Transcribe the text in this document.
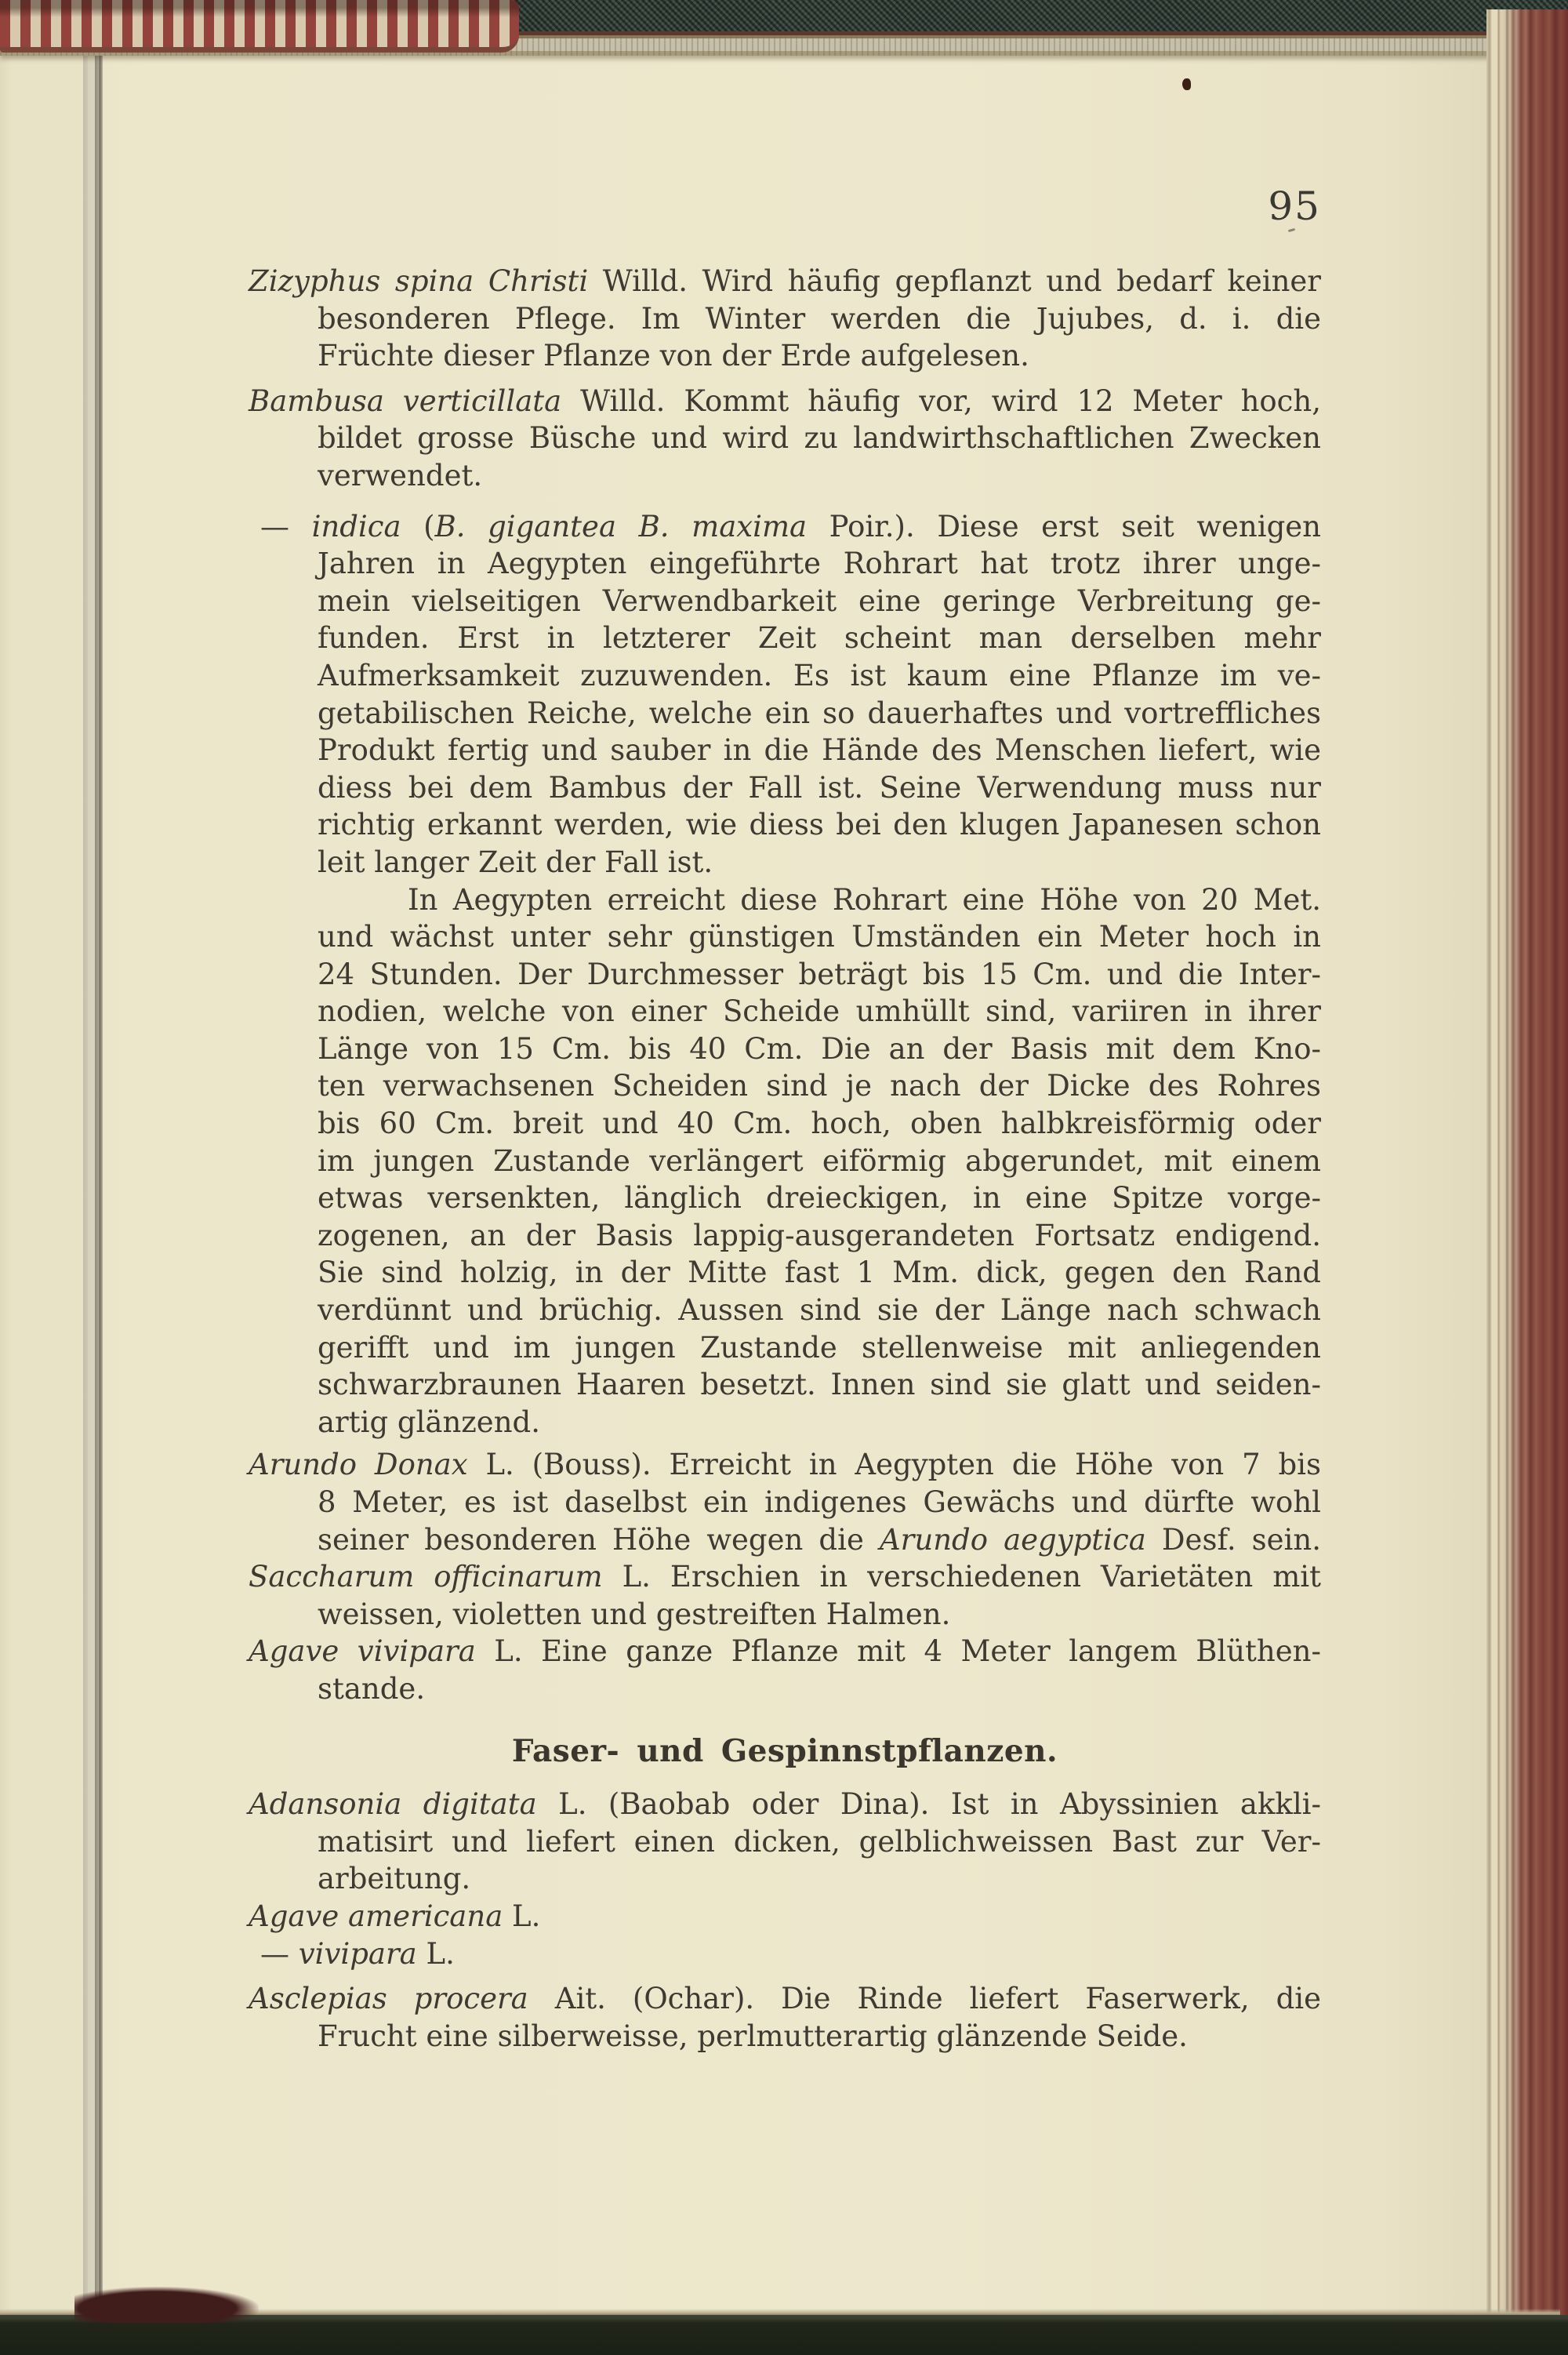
95
Zizyphus spina Christi Willd. Wird häufig gepflanzt und bedarf keiner
besonderen Pflege. Im Winter werden die Jujubes, d. i. die
Früchte dieser Pflanze von der Erde aufgelesen.
Bambusa verticillata Willd. Kommt häufig vor, wird 12 Meter hoch,
bildet grosse Büsche und wird zu landwirthschaftlichen Zwecken
verwendet.
— indica (B. gigantea B. maxima Poir.). Diese erst seit wenigen
Jahren in Aegypten eingeführte Rohrart hat trotz ihrer unge-
mein vielseitigen Verwendbarkeit eine geringe Verbreitung ge-
funden. Erst in letzterer Zeit scheint man derselben mehr
Aufmerksamkeit zuzuwenden. Es ist kaum eine Pflanze im ve-
getabilischen Reiche, welche ein so dauerhaftes und vortreffliches
Produkt fertig und sauber in die Hände des Menschen liefert, wie
diess bei dem Bambus der Fall ist. Seine Verwendung muss nur
richtig erkannt werden, wie diess bei den klugen Japanesen schon
leit langer Zeit der Fall ist.
In Aegypten erreicht diese Rohrart eine Höhe von 20 Met.
und wächst unter sehr günstigen Umständen ein Meter hoch in
24 Stunden. Der Durchmesser beträgt bis 15 Cm. und die Inter-
nodien, welche von einer Scheide umhüllt sind, variiren in ihrer
Länge von 15 Cm. bis 40 Cm. Die an der Basis mit dem Kno-
ten verwachsenen Scheiden sind je nach der Dicke des Rohres
bis 60 Cm. breit und 40 Cm. hoch, oben halbkreisförmig oder
im jungen Zustande verlängert eiförmig abgerundet, mit einem
etwas versenkten, länglich dreieckigen, in eine Spitze vorge-
zogenen, an der Basis lappig-ausgerandeten Fortsatz endigend.
Sie sind holzig, in der Mitte fast 1 Mm. dick, gegen den Rand
verdünnt und brüchig. Aussen sind sie der Länge nach schwach
gerifft und im jungen Zustande stellenweise mit anliegenden
schwarzbraunen Haaren besetzt. Innen sind sie glatt und seiden-
artig glänzend.
Arundo Donax L. (Bouss). Erreicht in Aegypten die Höhe von 7 bis
8 Meter, es ist daselbst ein indigenes Gewächs und dürfte wohl
seiner besonderen Höhe wegen die Arundo aegyptica Desf. sein.
Saccharum officinarum L. Erschien in verschiedenen Varietäten mit
weissen, violetten und gestreiften Halmen.
Agave vivipara L. Eine ganze Pflanze mit 4 Meter langem Blüthen-
stande.
Faser- und Gespinnstpflanzen.
Adansonia digitata L. (Baobab oder Dina). Ist in Abyssinien akkli-
matisirt und liefert einen dicken, gelblichweissen Bast zur Ver-
arbeitung.
Agave americana L.
— vivipara L.
Asclepias procera Ait. (Ochar). Die Rinde liefert Faserwerk, die
Frucht eine silberweisse, perlmutterartig glänzende Seide.
